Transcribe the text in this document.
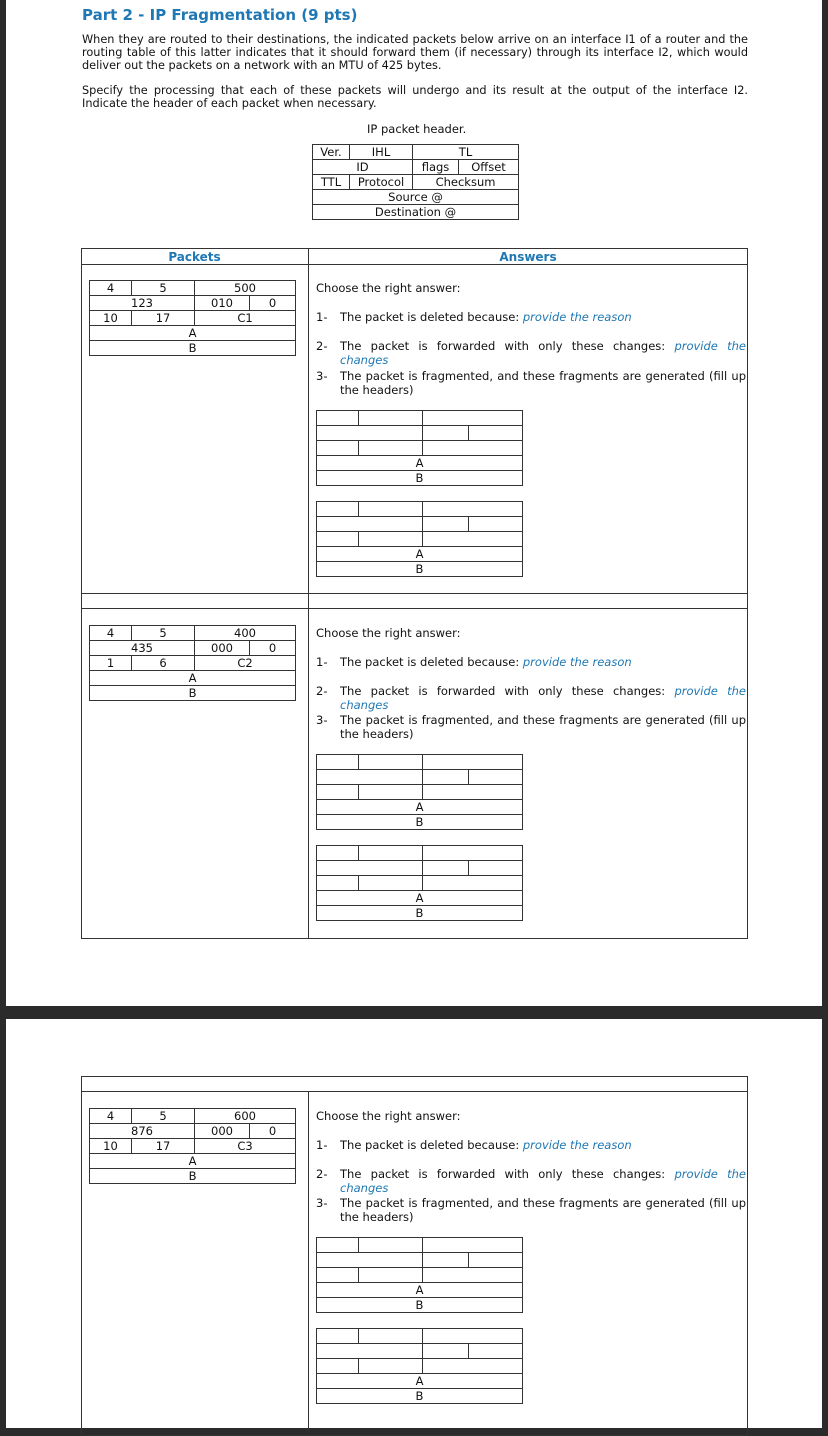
Part 2 - IP Fragmentation (9 pts)
When they are routed to their destinations, the indicated packets below arrive on an interface I1 of a router and the routing table of this latter indicates that it should forward them (if necessary) through its interface I2, which would deliver out the packets on a network with an MTU of 425 bytes.
Specify the processing that each of these packets will undergo and its result at the output of the interface I2. Indicate the header of each packet when necessary.
IP packet header.
Ver.	IHL	TL	
ID		flags	Offset
TTL	Protocol	Checksum	
Source @			
Destination @			
Packets	Answers
4	5	500	
123		010	0
10	17	C1	
A			
B			
Choose the right answer:
1- The packet is deleted because: provide the reason
2- The packet is forwarded with only these changes: provide the changes
3- The packet is fragmented, and these fragments are generated (fill up the headers)

A			
B			

A			
B			
4	5	400	
435		000	0
1	6	C2	
A			
B			
Choose the right answer:
1- The packet is deleted because: provide the reason
2- The packet is forwarded with only these changes: provide the changes
3- The packet is fragmented, and these fragments are generated (fill up the headers)

A			
B			

A			
B			
4	5	600	
876		000	0
10	17	C3	
A			
B			
Choose the right answer:
1- The packet is deleted because: provide the reason
2- The packet is forwarded with only these changes: provide the changes
3- The packet is fragmented, and these fragments are generated (fill up the headers)

A			
B			

A			
B			
